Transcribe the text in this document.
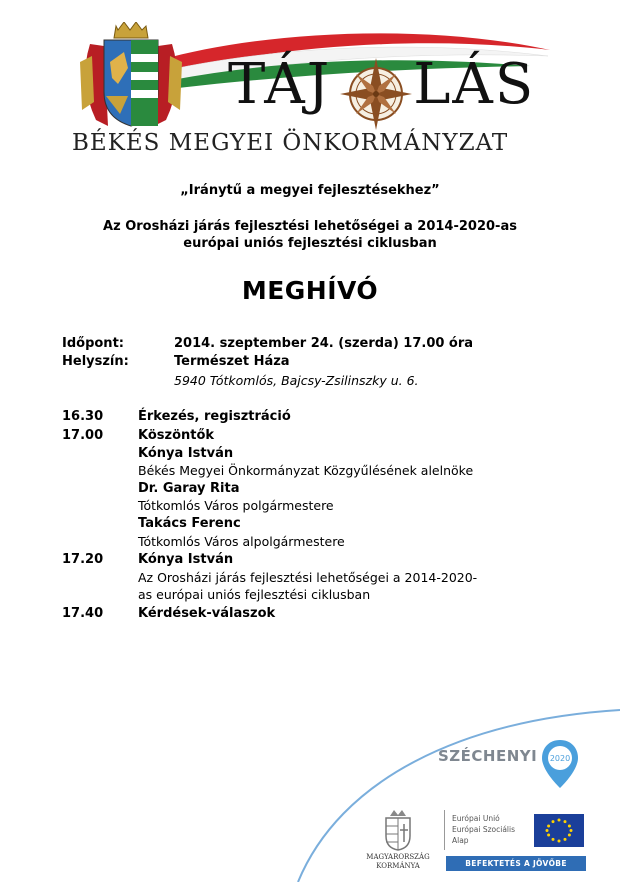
TÁJ LÁS
BÉKÉS MEGYEI ÖNKORMÁNYZAT
„Iránytű a megyei fejlesztésekhez”
Az Orosházi járás fejlesztési lehetőségei a 2014-2020-as
európai uniós fejlesztési ciklusban
MEGHÍVÓ
Időpont:	2014. szeptember 24. (szerda) 17.00 óra
Helyszín:	Természet Háza
5940 Tótkomlós, Bajcsy-Zsilinszky u. 6.
16.30	Érkezés, regisztráció
17.00	Köszöntők
Kónya István
Békés Megyei Önkormányzat Közgyűlésének alelnöke
Dr. Garay Rita
Tótkomlós Város polgármestere
Takács Ferenc
Tótkomlós Város alpolgármestere
17.20	Kónya István
Az Orosházi járás fejlesztési lehetőségei a 2014-2020-
as európai uniós fejlesztési ciklusban
17.40	Kérdések-válaszok
SZÉCHENYI 2020
MAGYARORSZÁG
KORMÁNYA
Európai Unió
Európai Szociális
Alap
BEFEKTETÉS A JÖVŐBE
